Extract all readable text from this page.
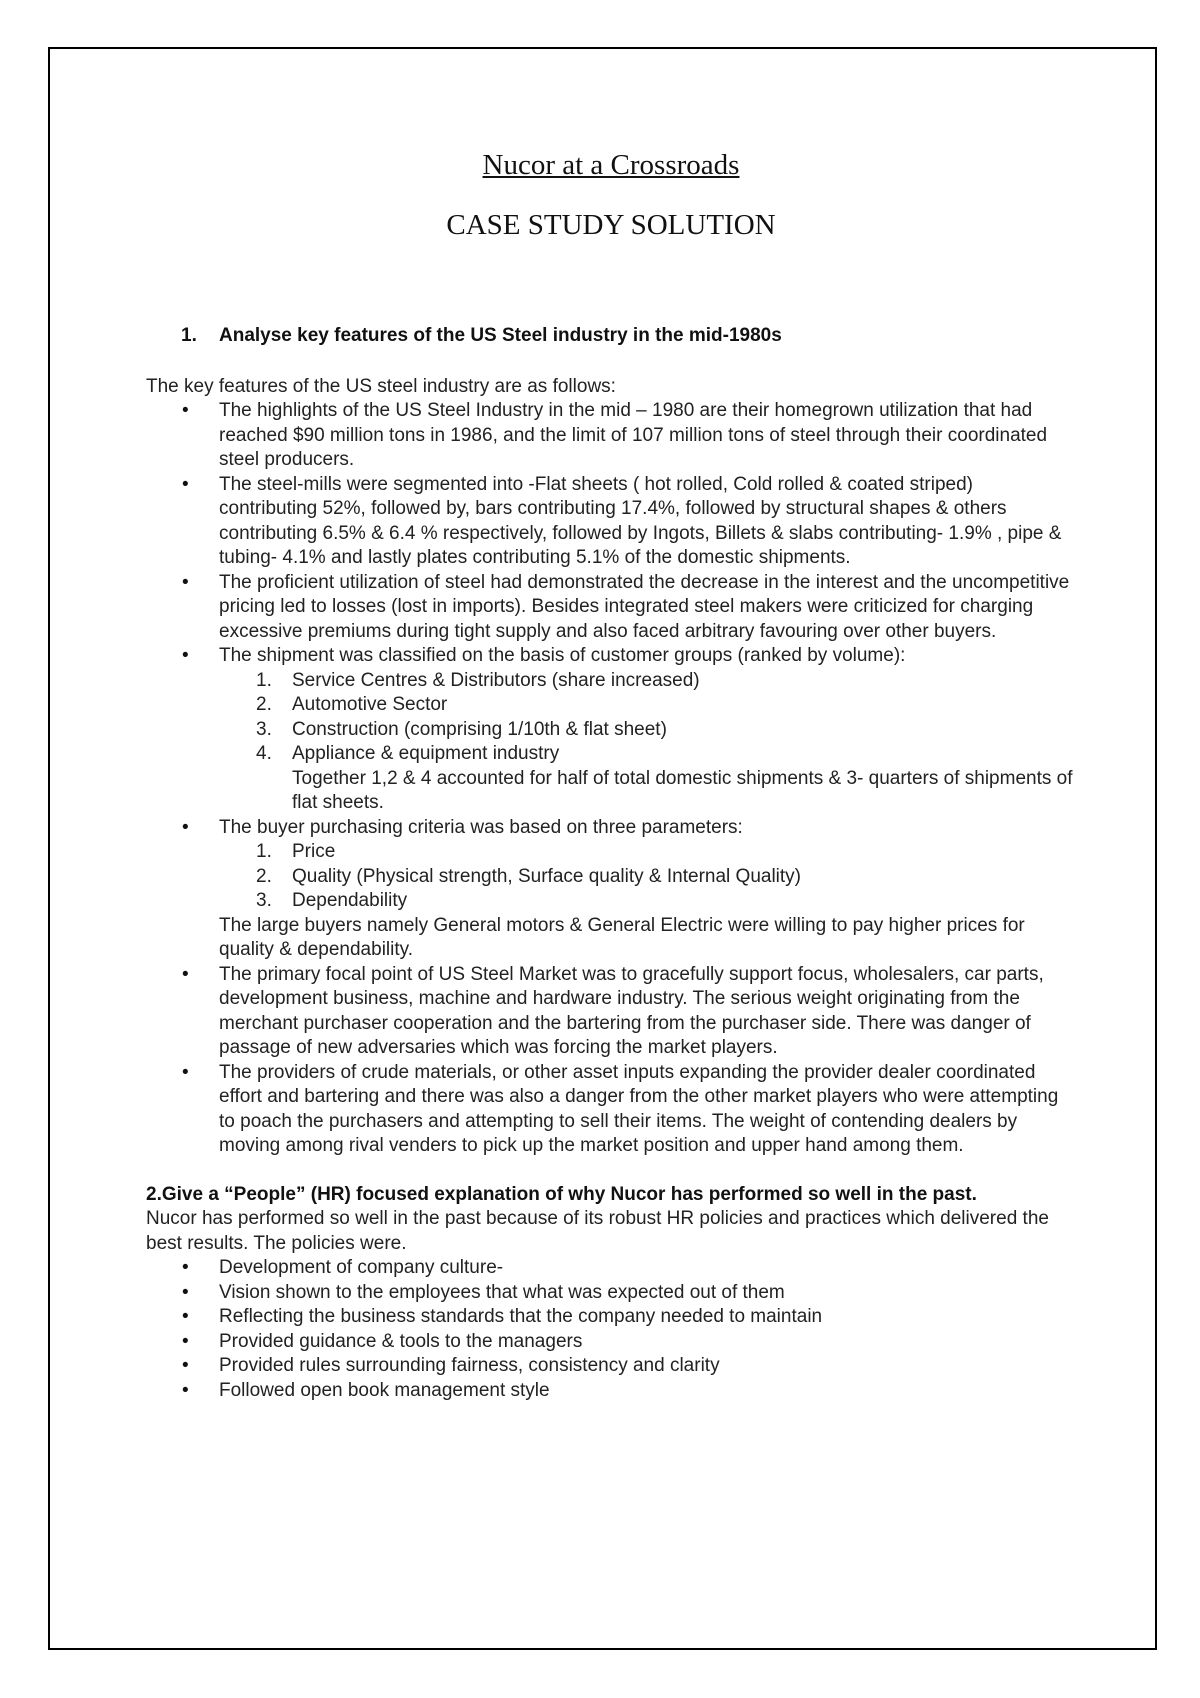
Nucor at a Crossroads
CASE STUDY SOLUTION
1.	Analyse key features of the US Steel industry in the mid-1980s
The key features of the US steel industry are as follows:
• The highlights of the US Steel Industry in the mid – 1980 are their homegrown utilization that had reached $90 million tons in 1986, and the limit of 107 million tons of steel through their coordinated steel producers.
• The steel-mills were segmented into -Flat sheets ( hot rolled, Cold rolled & coated striped) contributing 52%, followed by, bars contributing 17.4%, followed by structural shapes & others contributing 6.5% & 6.4 % respectively, followed by Ingots, Billets & slabs contributing- 1.9% , pipe & tubing- 4.1% and lastly plates contributing 5.1% of the domestic shipments.
• The proficient utilization of steel had demonstrated the decrease in the interest and the uncompetitive pricing led to losses (lost in imports). Besides integrated steel makers were criticized for charging excessive premiums during tight supply and also faced arbitrary favouring over other buyers.
• The shipment was classified on the basis of customer groups (ranked by volume):
1. Service Centres & Distributors (share increased)
2. Automotive Sector
3. Construction (comprising 1/10th & flat sheet)
4. Appliance & equipment industry
Together 1,2 & 4 accounted for half of total domestic shipments & 3- quarters of shipments of flat sheets.
• The buyer purchasing criteria was based on three parameters:
1. Price
2. Quality (Physical strength, Surface quality & Internal Quality)
3. Dependability
The large buyers namely General motors & General Electric were willing to pay higher prices for quality & dependability.
• The primary focal point of US Steel Market was to gracefully support focus, wholesalers, car parts, development business, machine and hardware industry. The serious weight originating from the merchant purchaser cooperation and the bartering from the purchaser side. There was danger of passage of new adversaries which was forcing the market players.
• The providers of crude materials, or other asset inputs expanding the provider dealer coordinated effort and bartering and there was also a danger from the other market players who were attempting to poach the purchasers and attempting to sell their items. The weight of contending dealers by moving among rival venders to pick up the market position and upper hand among them.
2.Give a “People” (HR) focused explanation of why Nucor has performed so well in the past.
Nucor has performed so well in the past because of its robust HR policies and practices which delivered the best results. The policies were.
• Development of company culture-
• Vision shown to the employees that what was expected out of them
• Reflecting the business standards that the company needed to maintain
• Provided guidance & tools to the managers
• Provided rules surrounding fairness, consistency and clarity
• Followed open book management style
